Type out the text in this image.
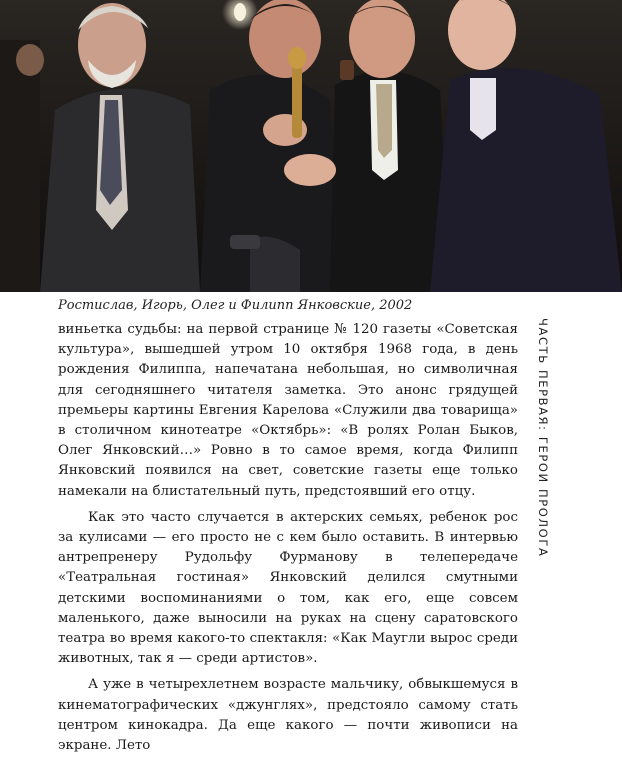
Ростислав, Игорь, Олег и Филипп Янковские, 2002

виньетка судьбы: на первой странице № 120 газеты «Советская культура», вышедшей утром 10 октября 1968 года, в день рождения Филиппа, напечатана небольшая, но символичная для сегодняшнего читателя заметка. Это анонс грядущей премьеры картины Евгения Карелова «Служили два товарища» в столичном кинотеатре «Октябрь»: «В ролях Ролан Быков, Олег Янковский…» Ровно в то самое время, когда Филипп Янковский появился на свет, советские газеты еще только намекали на блистательный путь, предстоявший его отцу.

Как это часто случается в актерских семьях, ребенок рос за кулисами — его просто не с кем было оставить. В интервью антрепренеру Рудольфу Фурманову в телепередаче «Театральная гостиная» Янковский делился смутными детскими воспоминаниями о том, как его, еще совсем маленького, даже выносили на руках на сцену саратовского театра во время какого-то спектакля: «Как Маугли вырос среди животных, так я — среди артистов».

А уже в четырехлетнем возрасте мальчику, обвыкшемуся в кинематографических «джунглях», предстояло самому стать центром кинокадра. Да еще какого — почти живописи на экране. Лето

ЧАСТЬ ПЕРВАЯ: ГЕРОИ ПРОЛОГА
